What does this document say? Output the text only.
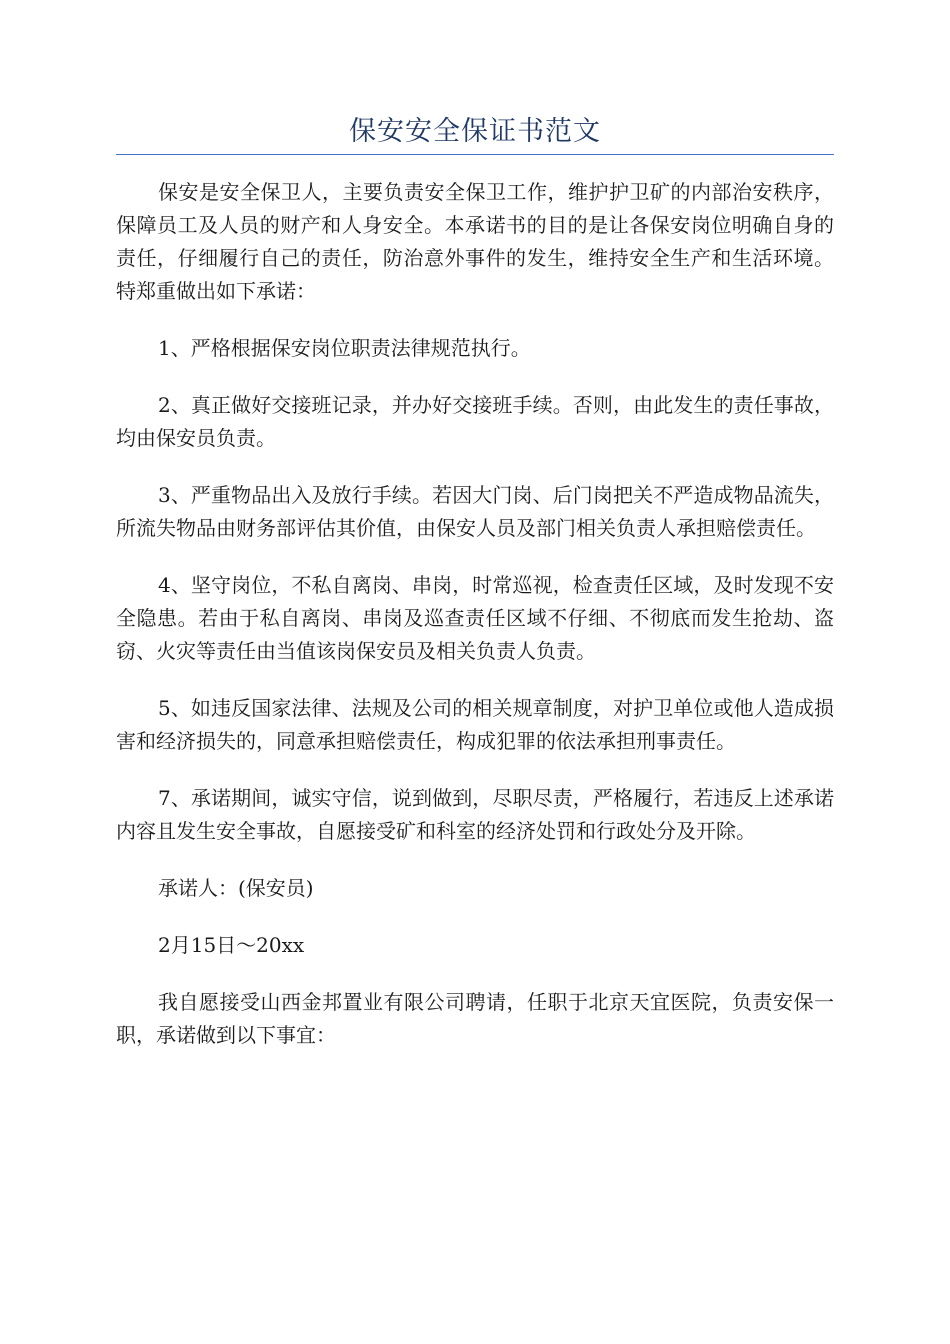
保安安全保证书范文

保安是安全保卫人，主要负责安全保卫工作，维护护卫矿的内部治安秩序，保障员工及人员的财产和人身安全。本承诺书的目的是让各保安岗位明确自身的责任，仔细履行自己的责任，防治意外事件的发生，维持安全生产和生活环境。特郑重做出如下承诺：

1、严格根据保安岗位职责法律规范执行。

2、真正做好交接班记录，并办好交接班手续。否则，由此发生的责任事故，均由保安员负责。

3、严重物品出入及放行手续。若因大门岗、后门岗把关不严造成物品流失，所流失物品由财务部评估其价值，由保安人员及部门相关负责人承担赔偿责任。

4、坚守岗位，不私自离岗、串岗，时常巡视，检查责任区域，及时发现不安全隐患。若由于私自离岗、串岗及巡查责任区域不仔细、不彻底而发生抢劫、盗窃、火灾等责任由当值该岗保安员及相关负责人负责。

5、如违反国家法律、法规及公司的相关规章制度，对护卫单位或他人造成损害和经济损失的，同意承担赔偿责任，构成犯罪的依法承担刑事责任。

7、承诺期间，诚实守信，说到做到，尽职尽责，严格履行，若违反上述承诺内容且发生安全事故，自愿接受矿和科室的经济处罚和行政处分及开除。

承诺人：(保安员)

2月15日～20xx

我自愿接受山西金邦置业有限公司聘请，任职于北京天宜医院，负责安保一职，承诺做到以下事宜：
